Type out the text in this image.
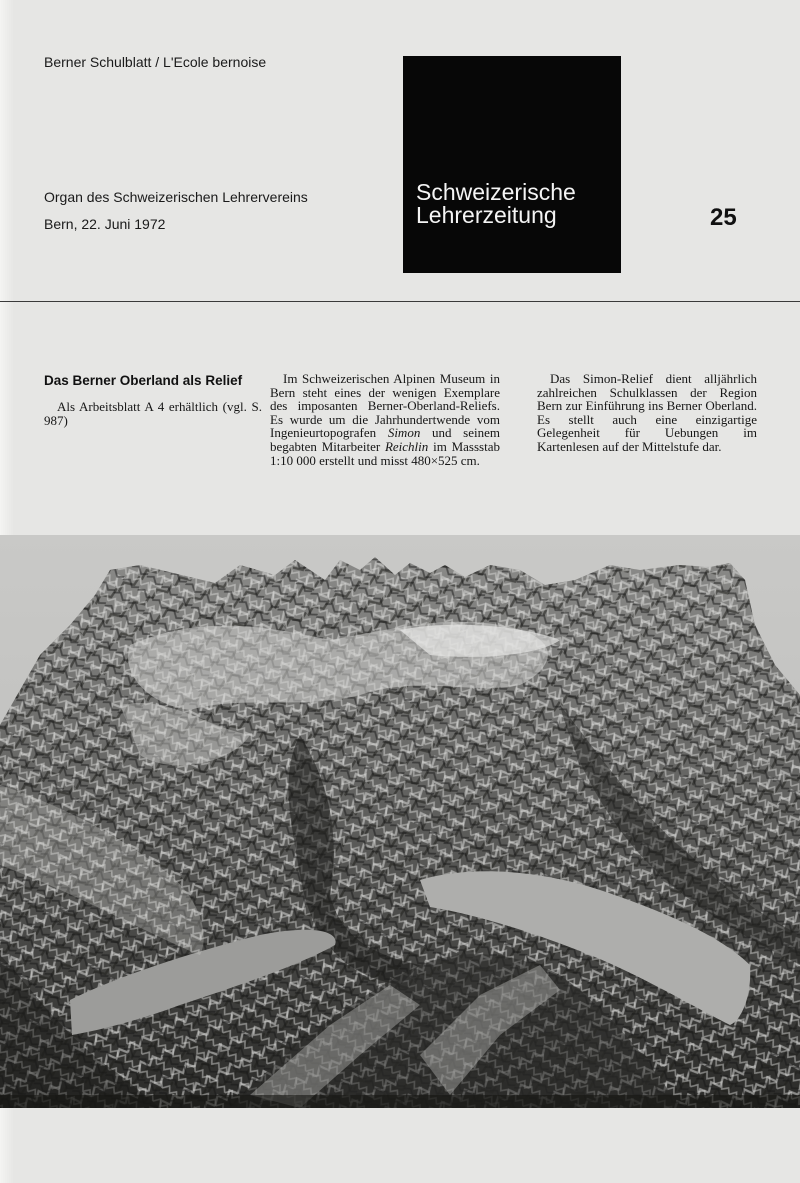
Berner Schulblatt / L'Ecole bernoise
Organ des Schweizerischen Lehrervereins
Bern, 22. Juni 1972
Schweizerische
Lehrerzeitung	25
Das Berner Oberland als Relief
Als Arbeitsblatt A 4 erhältlich (vgl. S. 987)
Im Schweizerischen Alpinen Museum in Bern steht eines der wenigen Exemplare des imposanten Berner-Oberland-Reliefs. Es wurde um die Jahrhundertwende vom Ingenieurtopografen Simon und seinem begabten Mitarbeiter Reichlin im Massstab 1:10 000 erstellt und misst 480×525 cm.
Das Simon-Relief dient alljährlich zahlreichen Schulklassen der Region Bern zur Einführung ins Berner Oberland. Es stellt auch eine einzigartige Gelegenheit für Uebungen im Kartenlesen auf der Mittelstufe dar.
